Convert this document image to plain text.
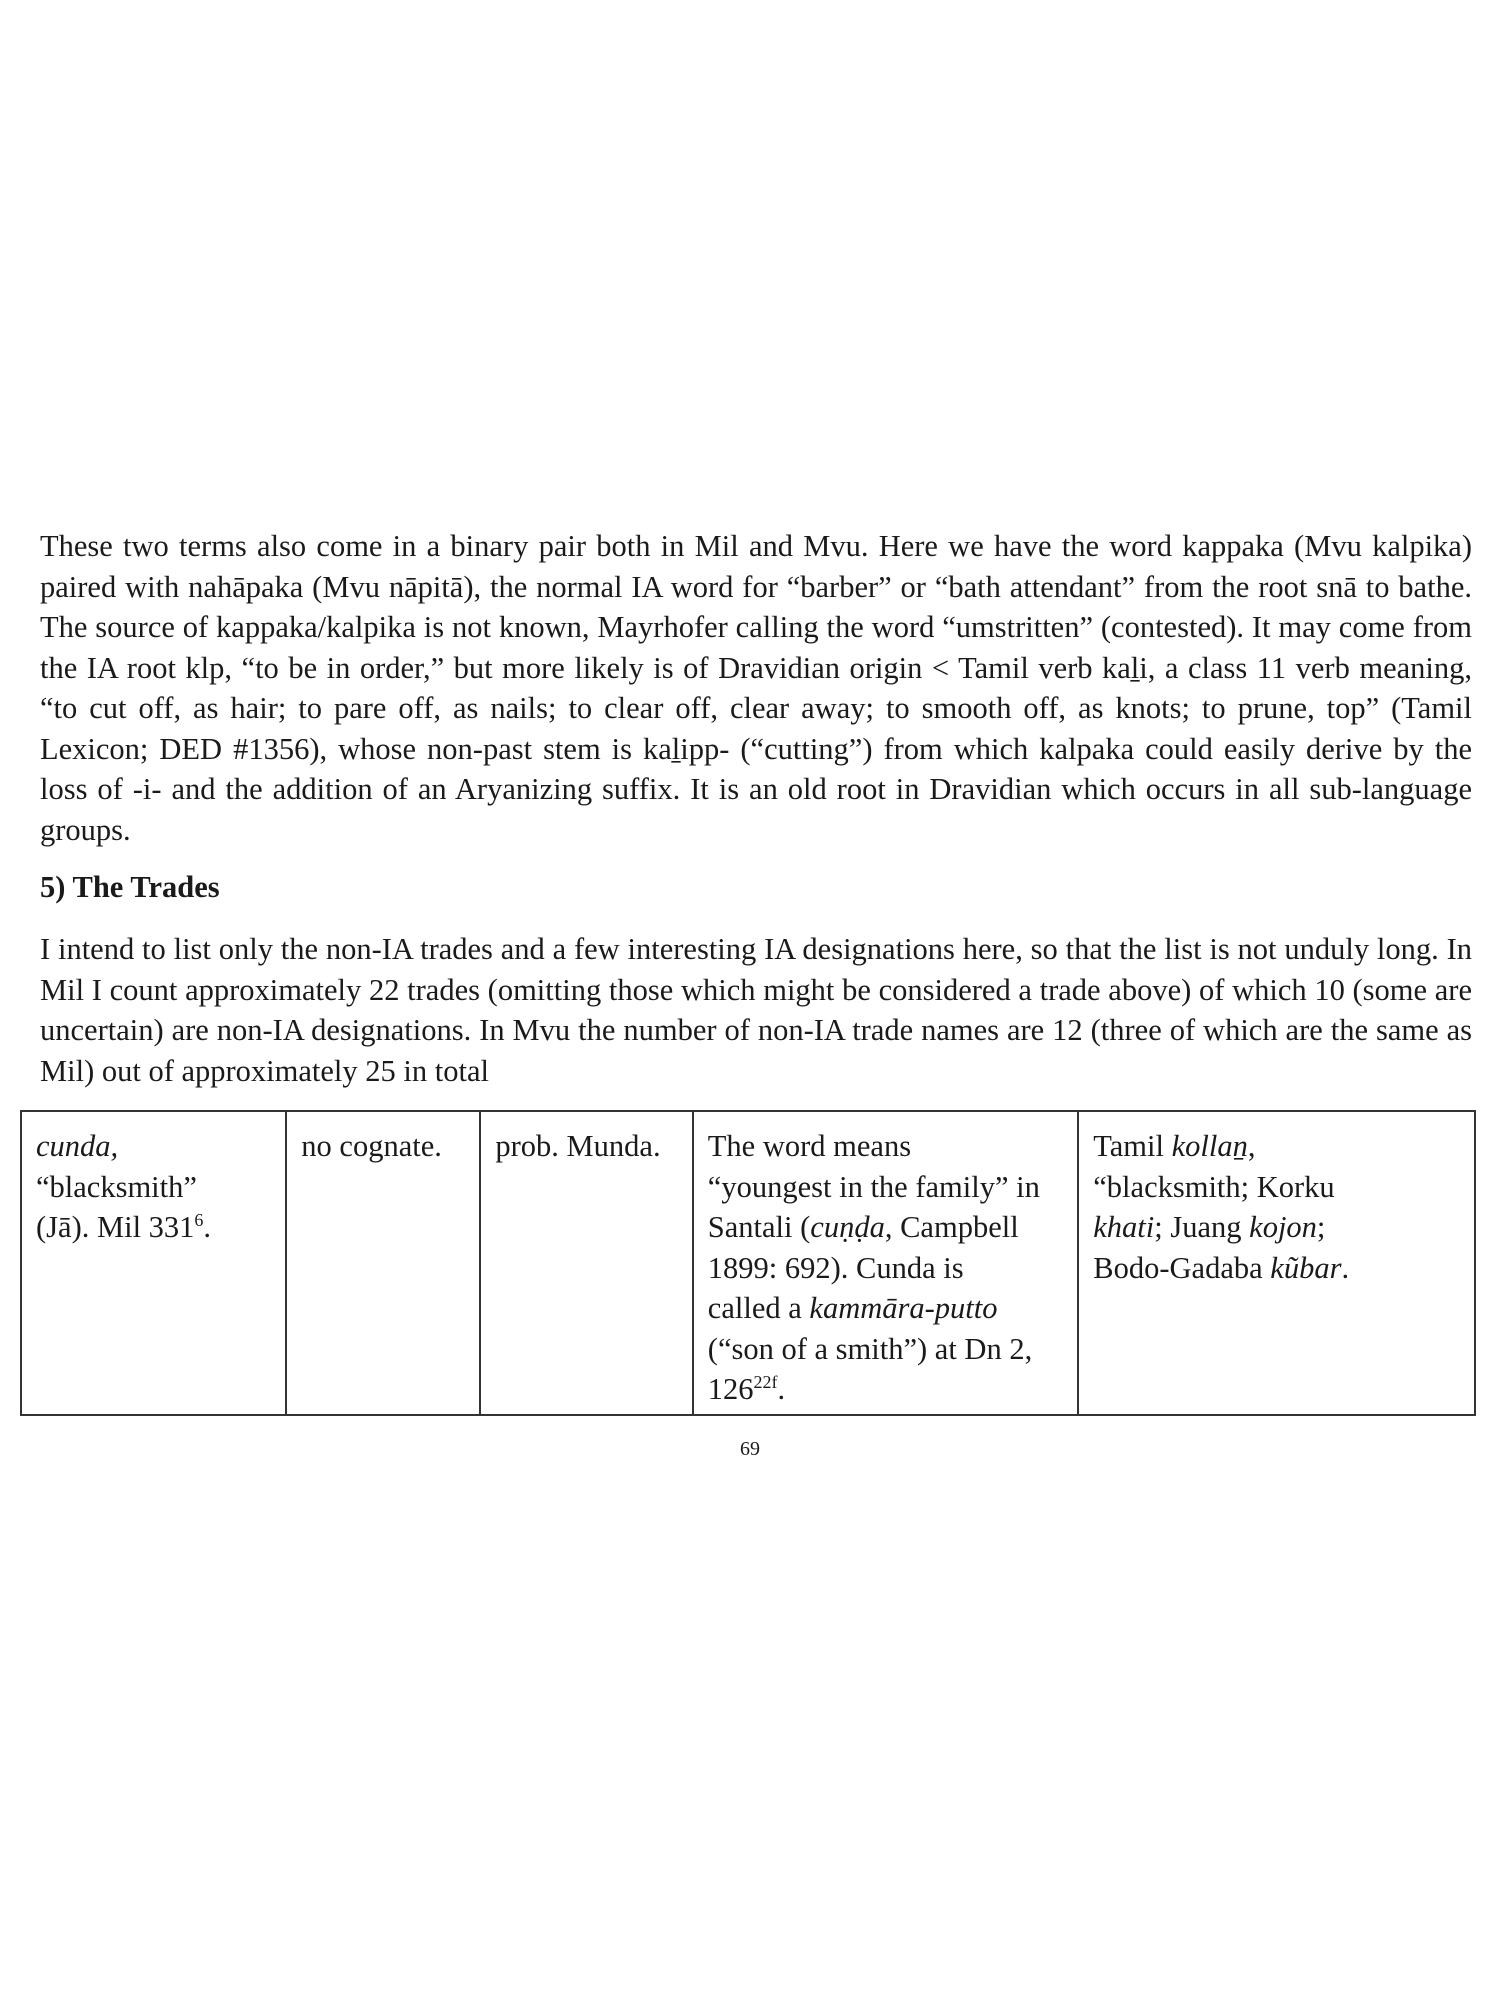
These two terms also come in a binary pair both in Mil and Mvu. Here we have the word kappaka (Mvu kalpika) paired with nahāpaka (Mvu nāpitā), the normal IA word for “barber” or “bath attendant” from the root snā to bathe. The source of kappaka/kalpika is not known, Mayrhofer calling the word “umstritten” (contested). It may come from the IA root klp, “to be in order,” but more likely is of Dravidian origin < Tamil verb kaḻi, a class 11 verb meaning, “to cut off, as hair; to pare off, as nails; to clear off, clear away; to smooth off, as knots; to prune, top” (Tamil Lexicon; DED #1356), whose non-past stem is kaḻipp- (“cutting”) from which kalpaka could easily derive by the loss of -i- and the addition of an Aryanizing suffix. It is an old root in Dravidian which occurs in all sub-language groups.

5) The Trades

I intend to list only the non-IA trades and a few interesting IA designations here, so that the list is not unduly long. In Mil I count approximately 22 trades (omitting those which might be considered a trade above) of which 10 (some are uncertain) are non-IA designations. In Mvu the number of non-IA trade names are 12 (three of which are the same as Mil) out of approximately 25 in total

cunda,
“blacksmith”
(Jā). Mil $331^6$.	no cognate.	prob. Munda.	The word means
“youngest in the family” in
Santali (cuṇḍa, Campbell
1899: 692). Cunda is
called a kammāra-putto
(“son of a smith”) at Dn 2,
$126^{22f}$.	Tamil kollaṉ,
“blacksmith; Korku
khati; Juang kojon;
Bodo-Gadaba kũbar.
69
